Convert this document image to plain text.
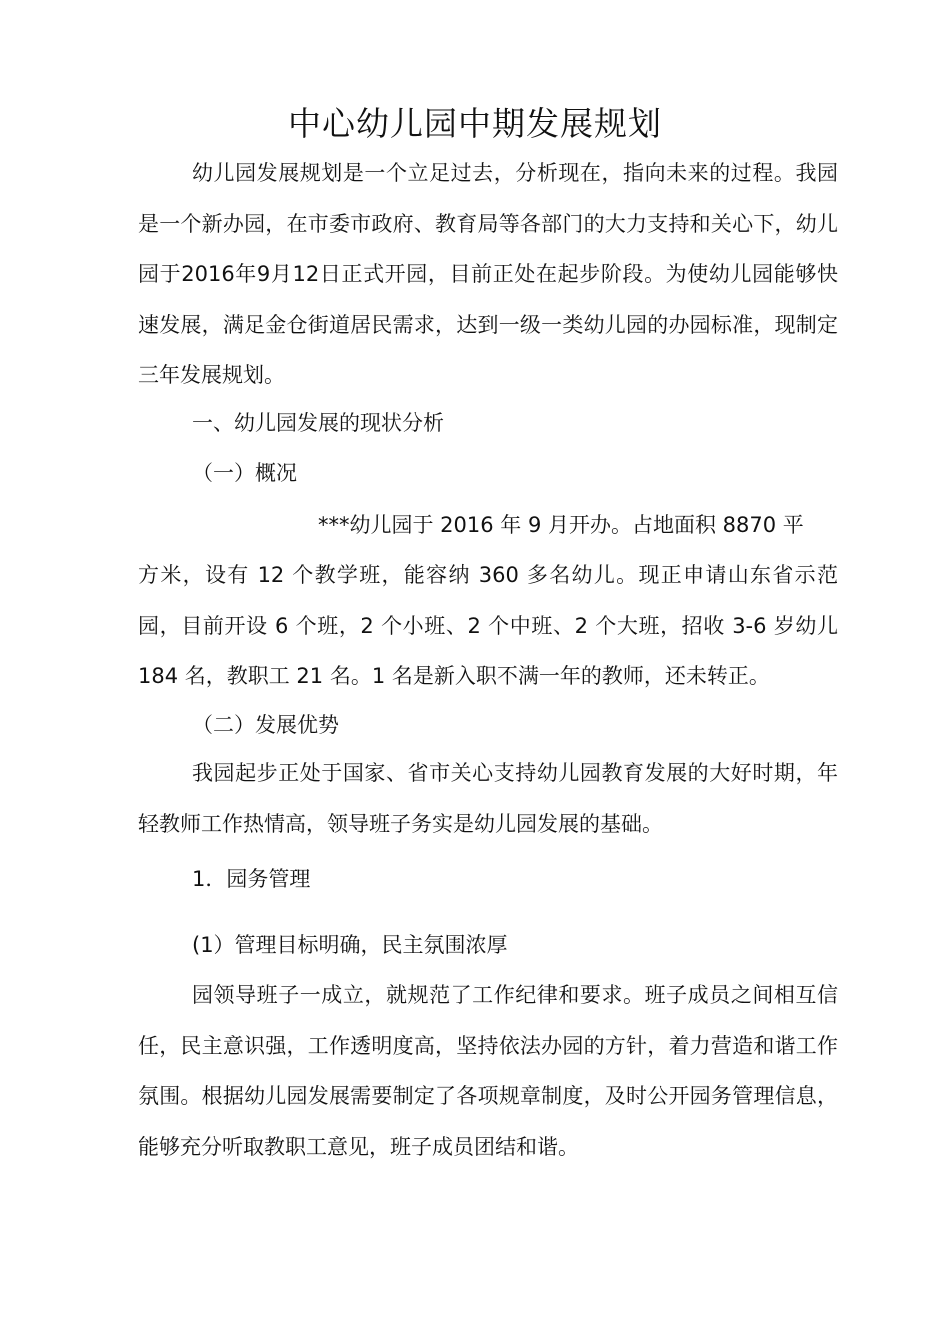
中心幼儿园中期发展规划

幼儿园发展规划是一个立足过去，分析现在，指向未来的过程。我园是一个新办园，在市委市政府、教育局等各部门的大力支持和关心下，幼儿园于2016年9月12日正式开园，目前正处在起步阶段。为使幼儿园能够快速发展，满足金仓街道居民需求，达到一级一类幼儿园的办园标准，现制定三年发展规划。

一、幼儿园发展的现状分析

（一）概况

***幼儿园于 2016 年 9 月开办。占地面积 8870 平

方米，设有 12 个教学班，能容纳 360 多名幼儿。现正申请山东省示范园，目前开设 6 个班，2 个小班、2 个中班、2 个大班，招收 3-6 岁幼儿 184 名，教职工 21 名。1 名是新入职不满一年的教师，还未转正。

（二）发展优势

我园起步正处于国家、省市关心支持幼儿园教育发展的大好时期，年轻教师工作热情高，领导班子务实是幼儿园发展的基础。

1．园务管理

(1）管理目标明确，民主氛围浓厚

园领导班子一成立，就规范了工作纪律和要求。班子成员之间相互信任，民主意识强，工作透明度高，坚持依法办园的方针，着力营造和谐工作氛围。根据幼儿园发展需要制定了各项规章制度，及时公开园务管理信息，能够充分听取教职工意见，班子成员团结和谐。
